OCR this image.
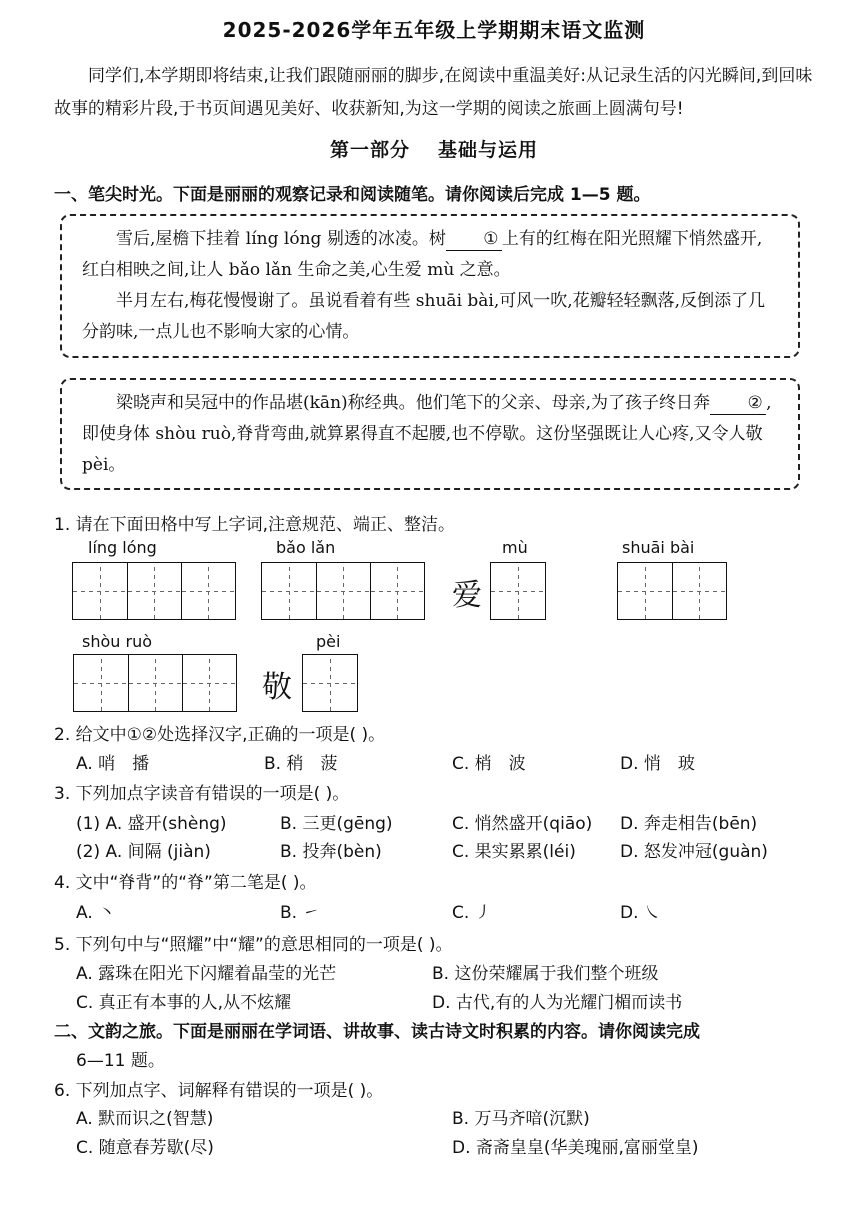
2025-2026学年五年级上学期期末语文监测

同学们,本学期即将结束,让我们跟随丽丽的脚步,在阅读中重温美好:从记录生活的闪光瞬间,到回味故事的精彩片段,于书页间遇见美好、收获新知,为这一学期的阅读之旅画上圆满句号!

第一部分 基础与运用
一、笔尖时光。下面是丽丽的观察记录和阅读随笔。请你阅读后完成 1—5 题。

雪后,屋檐下挂着 líng lóng 剔透的冰凌。树 ① 上有的红梅在阳光照耀下悄然盛开,红白相映之间,让人 bǎo lǎn 生命之美,心生爱 mù 之意。

半月左右,梅花慢慢谢了。虽说看着有些 shuāi bài,可风一吹,花瓣轻轻飘落,反倒添了几分韵味,一点儿也不影响大家的心情。

梁晓声和吴冠中的作品堪(kān)称经典。他们笔下的父亲、母亲,为了孩子终日奔 ② ,即使身体 shòu ruò,脊背弯曲,就算累得直不起腰,也不停歇。这份坚强既让人心疼,又令人敬 pèi。

1. 请在下面田格中写上字词,注意规范、端正、整洁。
líng lóng	bǎo lǎn	mù
爱
shuāi bài
shòu ruò	pèi
敬
2. 给文中①②处选择汉字,正确的一项是( )。
A. 哨　播	B. 稍　菠	C. 梢　波	D. 悄　玻
3. 下列加点字读音有错误的一项是( )。
(1) A. 盛开(shèng)	B. 三更(gēng)	C. 悄然盛开(qiāo) D. 奔走相告(bēn)
(2) A. 间隔 (jiàn)	B. 投奔(bèn)	C. 果实累累(léi)	D. 怒发冲冠(guàn)
4. 文中“脊背”的“脊”第二笔是( )。
A. ㇔	B. ㇀	C. ㇓	D. ㇏
5. 下列句中与“照耀”中“耀”的意思相同的一项是( )。
A. 露珠在阳光下闪耀着晶莹的光芒	B. 这份荣耀属于我们整个班级
C. 真正有本事的人,从不炫耀	D. 古代,有的人为光耀门楣而读书
二、文韵之旅。下面是丽丽在学词语、讲故事、读古诗文时积累的内容。请你阅读完成
6—11 题。
6. 下列加点字、词解释有错误的一项是( )。
A. 默而识之(智慧)	B. 万马齐喑(沉默)
C. 随意春芳歇(尽)	D. 斋斋皇皇(华美瑰丽,富丽堂皇)
